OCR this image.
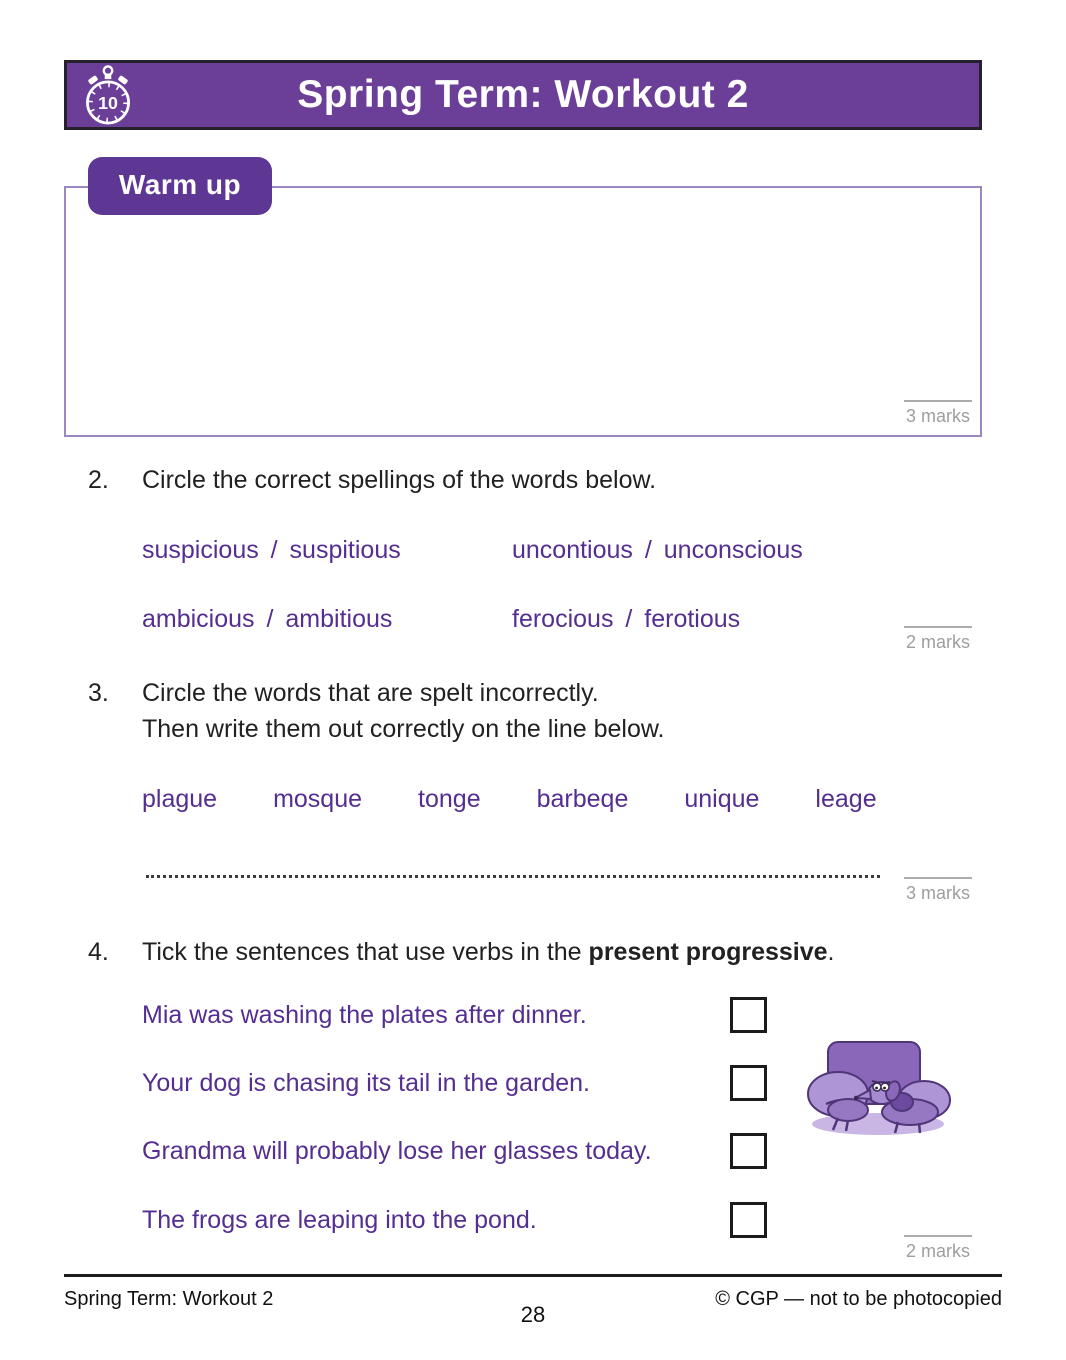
10	Spring Term: Workout 2
Warm up
3 marks
2. Circle the correct spellings of the words below.
suspicious / suspitious	uncontious / unconscious
ambicious / ambitious	ferocious / ferotious
2 marks
3. Circle the words that are spelt incorrectly.
Then write them out correctly on the line below.
plague mosque tonge barbeqe unique leage
3 marks
4. Tick the sentences that use verbs in the present progressive.
Mia was washing the plates after dinner.
Your dog is chasing its tail in the garden.
Grandma will probably lose her glasses today.
The frogs are leaping into the pond.
2 marks
Spring Term: Workout 2	© CGP — not to be photocopied
28
